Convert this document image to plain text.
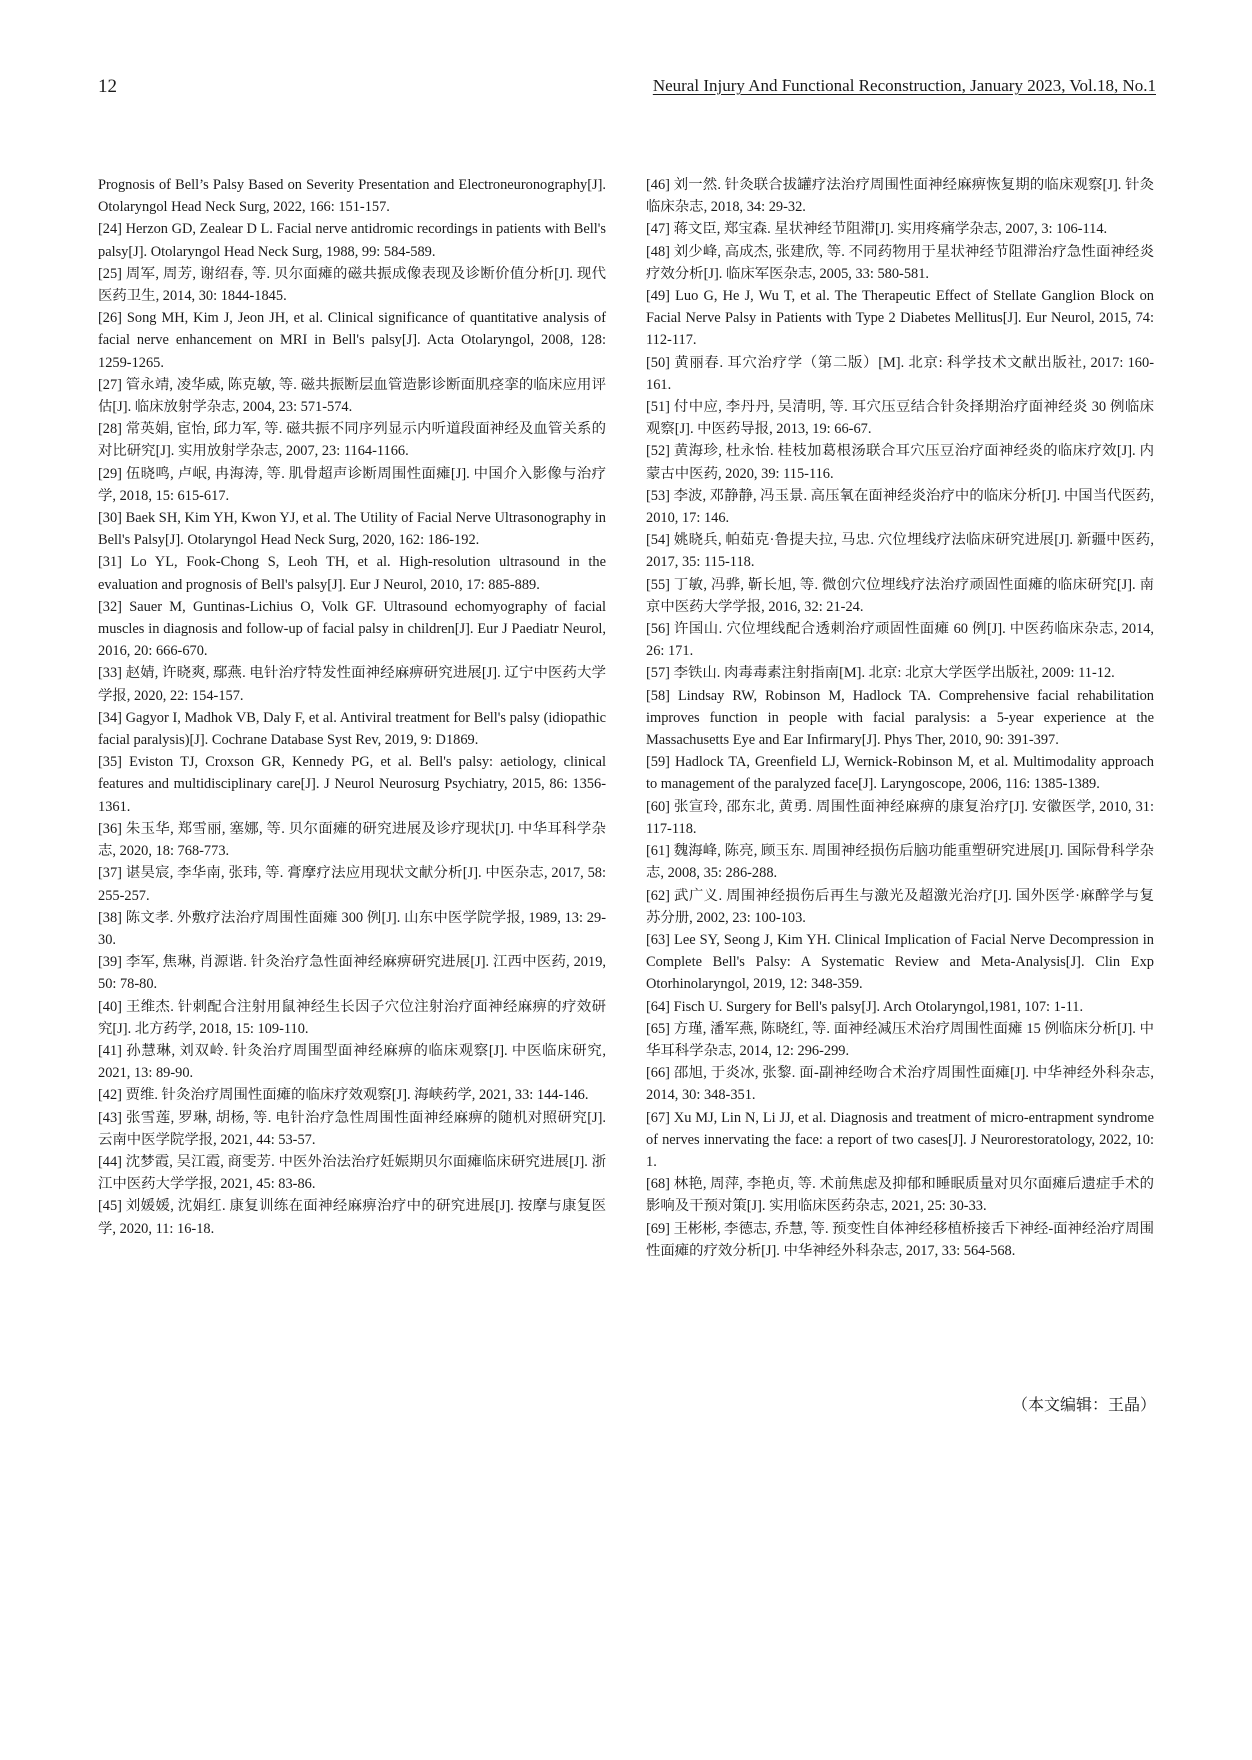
12	Neural Injury And Functional Reconstruction, January 2023, Vol.18, No.1

Prognosis of Bell’s Palsy Based on Severity Presentation and Electroneuronography[J]. Otolaryngol Head Neck Surg, 2022, 166: 151-157.

[24] Herzon GD, Zealear D L. Facial nerve antidromic recordings in patients with Bell's palsy[J]. Otolaryngol Head Neck Surg, 1988, 99: 584-589.

[25] 周军, 周芳, 谢绍春, 等. 贝尔面瘫的磁共振成像表现及诊断价值分析[J]. 现代医药卫生, 2014, 30: 1844-1845.

[26] Song MH, Kim J, Jeon JH, et al. Clinical significance of quantitative analysis of facial nerve enhancement on MRI in Bell's palsy[J]. Acta Otolaryngol, 2008, 128: 1259-1265.

[27] 管永靖, 凌华威, 陈克敏, 等. 磁共振断层血管造影诊断面肌痉挛的临床应用评估[J]. 临床放射学杂志, 2004, 23: 571-574.

[28] 常英娟, 宦怡, 邱力军, 等. 磁共振不同序列显示内听道段面神经及血管关系的对比研究[J]. 实用放射学杂志, 2007, 23: 1164-1166.

[29] 伍晓鸣, 卢岷, 冉海涛, 等. 肌骨超声诊断周围性面瘫[J]. 中国介入影像与治疗学, 2018, 15: 615-617.

[30] Baek SH, Kim YH, Kwon YJ, et al. The Utility of Facial Nerve Ultrasonography in Bell's Palsy[J]. Otolaryngol Head Neck Surg, 2020, 162: 186-192.

[31] Lo YL, Fook-Chong S, Leoh TH, et al. High-resolution ultrasound in the evaluation and prognosis of Bell's palsy[J]. Eur J Neurol, 2010, 17: 885-889.

[32] Sauer M, Guntinas-Lichius O, Volk GF. Ultrasound echomyography of facial muscles in diagnosis and follow-up of facial palsy in children[J]. Eur J Paediatr Neurol, 2016, 20: 666-670.

[33] 赵婧, 许晓爽, 鄢燕. 电针治疗特发性面神经麻痹研究进展[J]. 辽宁中医药大学学报, 2020, 22: 154-157.

[34] Gagyor I, Madhok VB, Daly F, et al. Antiviral treatment for Bell's palsy (idiopathic facial paralysis)[J]. Cochrane Database Syst Rev, 2019, 9: D1869.

[35] Eviston TJ, Croxson GR, Kennedy PG, et al. Bell's palsy: aetiology, clinical features and multidisciplinary care[J]. J Neurol Neurosurg Psychiatry, 2015, 86: 1356-1361.

[36] 朱玉华, 郑雪丽, 塞娜, 等. 贝尔面瘫的研究进展及诊疗现状[J]. 中华耳科学杂志, 2020, 18: 768-773.

[37] 谌昊宸, 李华南, 张玮, 等. 膏摩疗法应用现状文献分析[J]. 中医杂志, 2017, 58: 255-257.

[38] 陈文孝. 外敷疗法治疗周围性面瘫 300 例[J]. 山东中医学院学报, 1989, 13: 29-30.

[39] 李军, 焦琳, 肖源谐. 针灸治疗急性面神经麻痹研究进展[J]. 江西中医药, 2019, 50: 78-80.

[40] 王维杰. 针刺配合注射用鼠神经生长因子穴位注射治疗面神经麻痹的疗效研究[J]. 北方药学, 2018, 15: 109-110.

[41] 孙慧琳, 刘双岭. 针灸治疗周围型面神经麻痹的临床观察[J]. 中医临床研究, 2021, 13: 89-90.

[42] 贾维. 针灸治疗周围性面瘫的临床疗效观察[J]. 海峡药学, 2021, 33: 144-146.

[43] 张雪莲, 罗琳, 胡杨, 等. 电针治疗急性周围性面神经麻痹的随机对照研究[J]. 云南中医学院学报, 2021, 44: 53-57.

[44] 沈梦霞, 吴江霞, 商雯芳. 中医外治法治疗妊娠期贝尔面瘫临床研究进展[J]. 浙江中医药大学学报, 2021, 45: 83-86.

[45] 刘媛媛, 沈娟红. 康复训练在面神经麻痹治疗中的研究进展[J]. 按摩与康复医学, 2020, 11: 16-18.

[46] 刘一然. 针灸联合拔罐疗法治疗周围性面神经麻痹恢复期的临床观察[J]. 针灸临床杂志, 2018, 34: 29-32.

[47] 蒋文臣, 郑宝森. 星状神经节阻滞[J]. 实用疼痛学杂志, 2007, 3: 106-114.

[48] 刘少峰, 高成杰, 张建欣, 等. 不同药物用于星状神经节阻滞治疗急性面神经炎疗效分析[J]. 临床军医杂志, 2005, 33: 580-581.

[49] Luo G, He J, Wu T, et al. The Therapeutic Effect of Stellate Ganglion Block on Facial Nerve Palsy in Patients with Type 2 Diabetes Mellitus[J]. Eur Neurol, 2015, 74: 112-117.

[50] 黄丽春. 耳穴治疗学（第二版）[M]. 北京: 科学技术文献出版社, 2017: 160-161.

[51] 付中应, 李丹丹, 吴清明, 等. 耳穴压豆结合针灸择期治疗面神经炎 30 例临床观察[J]. 中医药导报, 2013, 19: 66-67.

[52] 黄海珍, 杜永怡. 桂枝加葛根汤联合耳穴压豆治疗面神经炎的临床疗效[J]. 内蒙古中医药, 2020, 39: 115-116.

[53] 李波, 邓静静, 冯玉景. 高压氧在面神经炎治疗中的临床分析[J]. 中国当代医药, 2010, 17: 146.

[54] 姚晓兵, 帕茹克·鲁提夫拉, 马忠. 穴位埋线疗法临床研究进展[J]. 新疆中医药, 2017, 35: 115-118.

[55] 丁敏, 冯骅, 靳长旭, 等. 微创穴位埋线疗法治疗顽固性面瘫的临床研究[J]. 南京中医药大学学报, 2016, 32: 21-24.

[56] 许国山. 穴位埋线配合透刺治疗顽固性面瘫 60 例[J]. 中医药临床杂志, 2014, 26: 171.

[57] 李铁山. 肉毒毒素注射指南[M]. 北京: 北京大学医学出版社, 2009: 11-12.

[58] Lindsay RW, Robinson M, Hadlock TA. Comprehensive facial rehabilitation improves function in people with facial paralysis: a 5-year experience at the Massachusetts Eye and Ear Infirmary[J]. Phys Ther, 2010, 90: 391-397.

[59] Hadlock TA, Greenfield LJ, Wernick-Robinson M, et al. Multimodality approach to management of the paralyzed face[J]. Laryngoscope, 2006, 116: 1385-1389.

[60] 张宣玲, 邵东北, 黄勇. 周围性面神经麻痹的康复治疗[J]. 安徽医学, 2010, 31: 117-118.

[61] 魏海峰, 陈亮, 顾玉东. 周围神经损伤后脑功能重塑研究进展[J]. 国际骨科学杂志, 2008, 35: 286-288.

[62] 武广义. 周围神经损伤后再生与激光及超激光治疗[J]. 国外医学·麻醉学与复苏分册, 2002, 23: 100-103.

[63] Lee SY, Seong J, Kim YH. Clinical Implication of Facial Nerve Decompression in Complete Bell's Palsy: A Systematic Review and Meta-Analysis[J]. Clin Exp Otorhinolaryngol, 2019, 12: 348-359.

[64] Fisch U. Surgery for Bell's palsy[J]. Arch Otolaryngol,1981, 107: 1-11.

[65] 方瑾, 潘军燕, 陈晓红, 等. 面神经减压术治疗周围性面瘫 15 例临床分析[J]. 中华耳科学杂志, 2014, 12: 296-299.

[66] 邵旭, 于炎冰, 张黎. 面-副神经吻合术治疗周围性面瘫[J]. 中华神经外科杂志, 2014, 30: 348-351.

[67] Xu MJ, Lin N, Li JJ, et al. Diagnosis and treatment of micro-entrapment syndrome of nerves innervating the face: a report of two cases[J]. J Neurorestoratology, 2022, 10: 1.

[68] 林艳, 周萍, 李艳贞, 等. 术前焦虑及抑郁和睡眠质量对贝尔面瘫后遗症手术的影响及干预对策[J]. 实用临床医药杂志, 2021, 25: 30-33.

[69] 王彬彬, 李德志, 乔慧, 等. 预变性自体神经移植桥接舌下神经-面神经治疗周围性面瘫的疗效分析[J]. 中华神经外科杂志, 2017, 33: 564-568.

（本文编辑：王晶）
